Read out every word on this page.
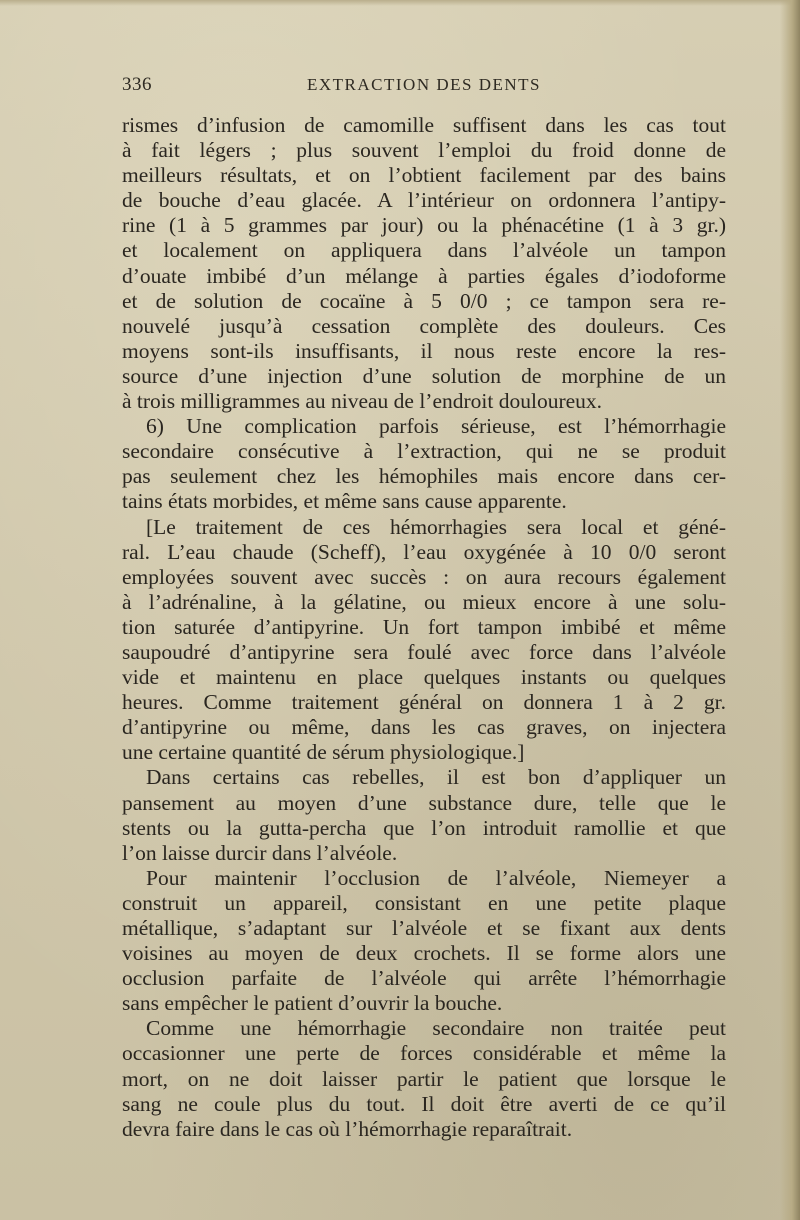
336	EXTRACTION DES DENTS
rismes d’infusion de camomille suffisent dans les cas tout
à fait légers ; plus souvent l’emploi du froid donne de
meilleurs résultats, et on l’obtient facilement par des bains
de bouche d’eau glacée. A l’intérieur on ordonnera l’antipy-
rine (1 à 5 grammes par jour) ou la phénacétine (1 à 3 gr.)
et localement on appliquera dans l’alvéole un tampon
d’ouate imbibé d’un mélange à parties égales d’iodoforme
et de solution de cocaïne à 5 0/0 ; ce tampon sera re-
nouvelé jusqu’à cessation complète des douleurs. Ces
moyens sont-ils insuffisants, il nous reste encore la res-
source d’une injection d’une solution de morphine de un
à trois milligrammes au niveau de l’endroit douloureux.
6) Une complication parfois sérieuse, est l’hémorrhagie
secondaire consécutive à l’extraction, qui ne se produit
pas seulement chez les hémophiles mais encore dans cer-
tains états morbides, et même sans cause apparente.
[Le traitement de ces hémorrhagies sera local et géné-
ral. L’eau chaude (Scheff), l’eau oxygénée à 10 0/0 seront
employées souvent avec succès : on aura recours également
à l’adrénaline, à la gélatine, ou mieux encore à une solu-
tion saturée d’antipyrine. Un fort tampon imbibé et même
saupoudré d’antipyrine sera foulé avec force dans l’alvéole
vide et maintenu en place quelques instants ou quelques
heures. Comme traitement général on donnera 1 à 2 gr.
d’antipyrine ou même, dans les cas graves, on injectera
une certaine quantité de sérum physiologique.]
Dans certains cas rebelles, il est bon d’appliquer un
pansement au moyen d’une substance dure, telle que le
stents ou la gutta-percha que l’on introduit ramollie et que
l’on laisse durcir dans l’alvéole.
Pour maintenir l’occlusion de l’alvéole, Niemeyer a
construit un appareil, consistant en une petite plaque
métallique, s’adaptant sur l’alvéole et se fixant aux dents
voisines au moyen de deux crochets. Il se forme alors une
occlusion parfaite de l’alvéole qui arrête l’hémorrhagie
sans empêcher le patient d’ouvrir la bouche.
Comme une hémorrhagie secondaire non traitée peut
occasionner une perte de forces considérable et même la
mort, on ne doit laisser partir le patient que lorsque le
sang ne coule plus du tout. Il doit être averti de ce qu’il
devra faire dans le cas où l’hémorrhagie reparaîtrait.
